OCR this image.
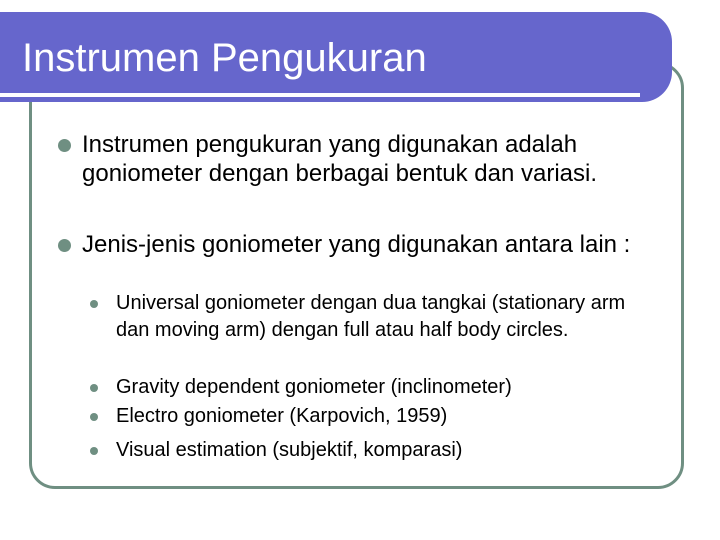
Instrumen Pengukuran
Instrumen pengukuran yang digunakan adalah goniometer dengan berbagai bentuk dan variasi.
Jenis-jenis goniometer yang digunakan antara lain :
Universal goniometer dengan dua tangkai (stationary arm dan moving arm) dengan full atau half body circles.
Gravity dependent goniometer (inclinometer)
Electro goniometer (Karpovich, 1959)
Visual estimation (subjektif, komparasi)
